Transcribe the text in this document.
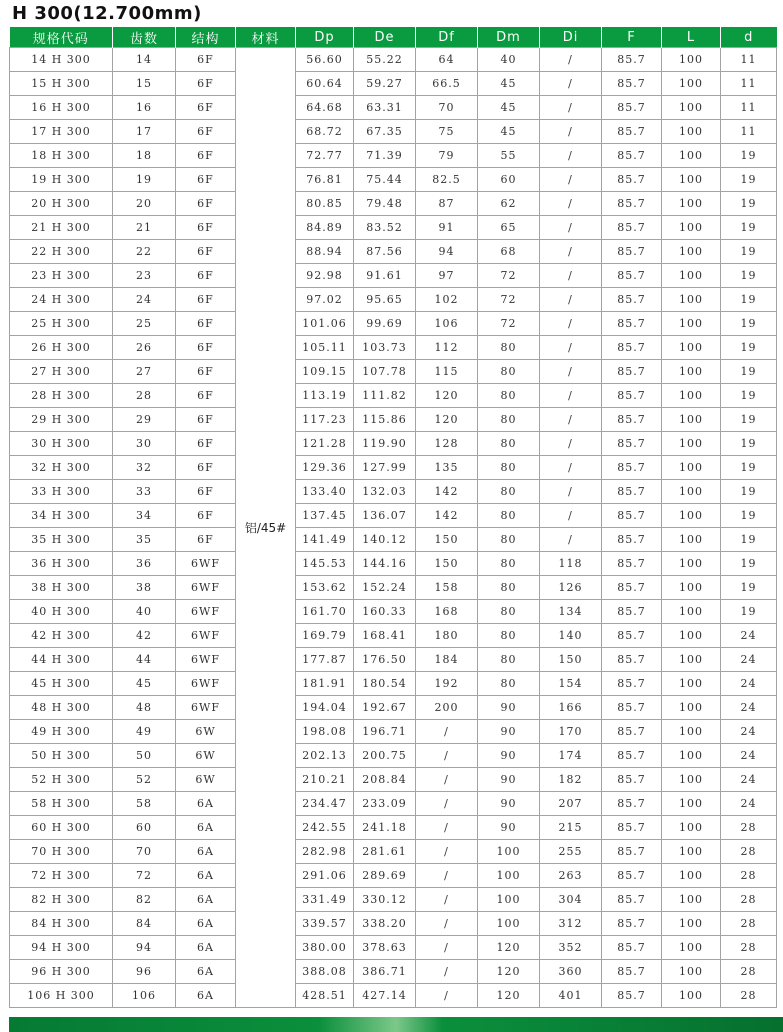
H 300(12.700mm)
规格代码	齿数	结构	材料	Dp	De	Df	Dm	Di	F	L	d
14 H 300	14	6F	铝/45#	56.60	55.22	64	40	/	85.7	100	11
15 H 300	15	6F		60.64	59.27	66.5	45	/	85.7	100	11
16 H 300	16	6F		64.68	63.31	70	45	/	85.7	100	11
17 H 300	17	6F		68.72	67.35	75	45	/	85.7	100	11
18 H 300	18	6F		72.77	71.39	79	55	/	85.7	100	19
19 H 300	19	6F		76.81	75.44	82.5	60	/	85.7	100	19
20 H 300	20	6F		80.85	79.48	87	62	/	85.7	100	19
21 H 300	21	6F		84.89	83.52	91	65	/	85.7	100	19
22 H 300	22	6F		88.94	87.56	94	68	/	85.7	100	19
23 H 300	23	6F		92.98	91.61	97	72	/	85.7	100	19
24 H 300	24	6F		97.02	95.65	102	72	/	85.7	100	19
25 H 300	25	6F		101.06	99.69	106	72	/	85.7	100	19
26 H 300	26	6F		105.11	103.73	112	80	/	85.7	100	19
27 H 300	27	6F		109.15	107.78	115	80	/	85.7	100	19
28 H 300	28	6F		113.19	111.82	120	80	/	85.7	100	19
29 H 300	29	6F		117.23	115.86	120	80	/	85.7	100	19
30 H 300	30	6F		121.28	119.90	128	80	/	85.7	100	19
32 H 300	32	6F		129.36	127.99	135	80	/	85.7	100	19
33 H 300	33	6F		133.40	132.03	142	80	/	85.7	100	19
34 H 300	34	6F		137.45	136.07	142	80	/	85.7	100	19
35 H 300	35	6F		141.49	140.12	150	80	/	85.7	100	19
36 H 300	36	6WF		145.53	144.16	150	80	118	85.7	100	19
38 H 300	38	6WF		153.62	152.24	158	80	126	85.7	100	19
40 H 300	40	6WF		161.70	160.33	168	80	134	85.7	100	19
42 H 300	42	6WF		169.79	168.41	180	80	140	85.7	100	24
44 H 300	44	6WF		177.87	176.50	184	80	150	85.7	100	24
45 H 300	45	6WF		181.91	180.54	192	80	154	85.7	100	24
48 H 300	48	6WF		194.04	192.67	200	90	166	85.7	100	24
49 H 300	49	6W		198.08	196.71	/	90	170	85.7	100	24
50 H 300	50	6W		202.13	200.75	/	90	174	85.7	100	24
52 H 300	52	6W		210.21	208.84	/	90	182	85.7	100	24
58 H 300	58	6A		234.47	233.09	/	90	207	85.7	100	24
60 H 300	60	6A		242.55	241.18	/	90	215	85.7	100	28
70 H 300	70	6A		282.98	281.61	/	100	255	85.7	100	28
72 H 300	72	6A		291.06	289.69	/	100	263	85.7	100	28
82 H 300	82	6A		331.49	330.12	/	100	304	85.7	100	28
84 H 300	84	6A		339.57	338.20	/	100	312	85.7	100	28
94 H 300	94	6A		380.00	378.63	/	120	352	85.7	100	28
96 H 300	96	6A		388.08	386.71	/	120	360	85.7	100	28
106 H 300	106	6A		428.51	427.14	/	120	401	85.7	100	28
